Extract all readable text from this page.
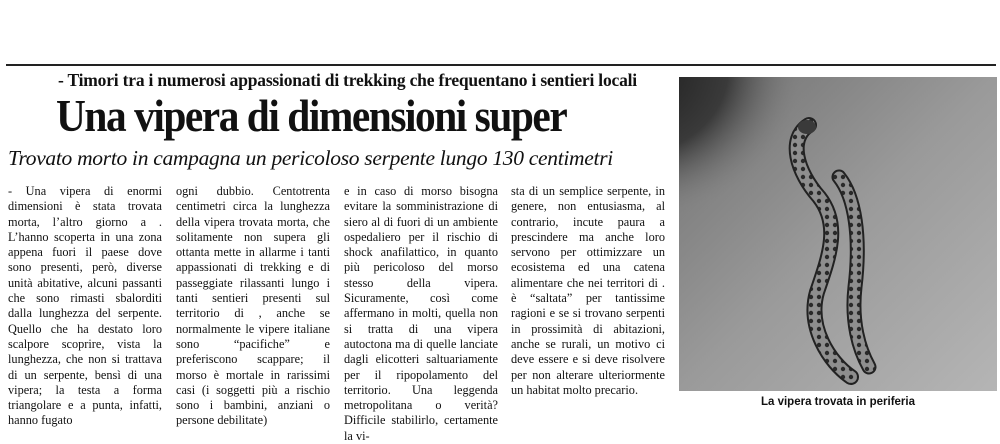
- Timori tra i numerosi appassionati di trekking che frequentano i sentieri locali
Una vipera di dimensioni super
Trovato morto in campagna un pericoloso serpente lungo 130 centimetri

- Una vipera di enormi dimensioni è stata trovata morta, l’altro giorno a . L’hanno scoperta in una zona appena fuori il paese dove sono presenti, però, diverse unità abitative, alcuni passanti che sono rimasti sbalorditi dalla lunghezza del serpente. Quello che ha destato loro scalpore scoprire, vista la lunghezza, che non si trattava di un serpente, bensì di una vipera; la testa a forma triangolare e a punta, infatti, hanno fugato

ogni dubbio. Centotrenta centimetri circa la lunghezza della vipera trovata morta, che solitamente non supera gli ottanta mette in allarme i tanti appassionati di trekking e di passeggiate rilassanti lungo i tanti sentieri presenti sul territorio di , anche se normalmente le vipere italiane sono “pacifiche” e preferiscono scappare; il morso è mortale in rarissimi casi (i soggetti più a rischio sono i bambini, anziani o persone debilitate)

e in caso di morso bisogna evitare la somministrazione di siero al di fuori di un ambiente ospedaliero per il rischio di shock anafilattico, in quanto più pericoloso del morso stesso della vipera. Sicuramente, così come affermano in molti, quella non si tratta di una vipera autoctona ma di quelle lanciate dagli elicotteri saltuariamente per il ripopolamento del territorio. Una leggenda metropolitana o verità? Difficile stabilirlo, certamente la vi-

sta di un semplice serpente, in genere, non entusiasma, al contrario, incute paura a prescindere ma anche loro servono per ottimizzare un ecosistema ed una catena alimentare che nei territori di . è “saltata” per tantissime ragioni e se si trovano serpenti in prossimità di abitazioni, anche se rurali, un motivo ci deve essere e si deve risolvere per non alterare ulteriormente un habitat molto precario.

La vipera trovata in periferia
